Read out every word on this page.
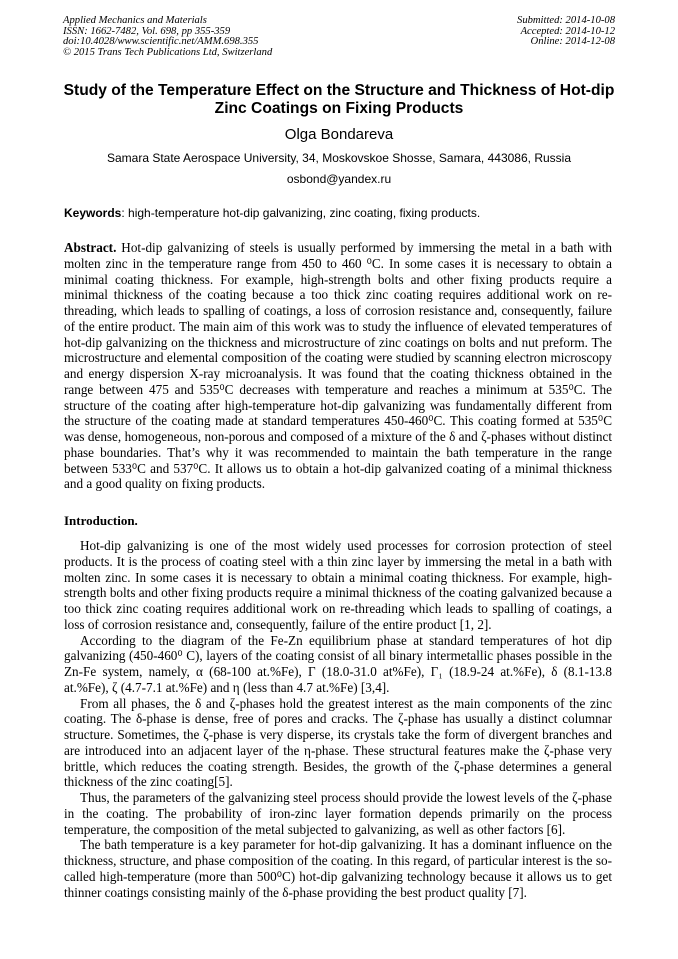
Applied Mechanics and Materials
ISSN: 1662-7482, Vol. 698, pp 355-359
doi:10.4028/www.scientific.net/AMM.698.355
© 2015 Trans Tech Publications Ltd, Switzerland
Submitted: 2014-10-08
Accepted: 2014-10-12
Online: 2014-12-08
Study of the Temperature Effect on the Structure and Thickness of Hot-dip Zinc Coatings on Fixing Products
Olga Bondareva
Samara State Aerospace University, 34, Moskovskoe Shosse, Samara, 443086, Russia
osbond@yandex.ru
Keywords: high-temperature hot-dip galvanizing, zinc coating, fixing products.

Abstract. Hot-dip galvanizing of steels is usually performed by immersing the metal in a bath with molten zinc in the temperature range from 450 to 460 ⁰C. In some cases it is necessary to obtain a minimal coating thickness. For example, high-strength bolts and other fixing products require a minimal thickness of the coating because a too thick zinc coating requires additional work on re-threading, which leads to spalling of coatings, a loss of corrosion resistance and, consequently, failure of the entire product. The main aim of this work was to study the influence of elevated temperatures of hot-dip galvanizing on the thickness and microstructure of zinc coatings on bolts and nut preform. The microstructure and elemental composition of the coating were studied by scanning electron microscopy and energy dispersion X-ray microanalysis. It was found that the coating thickness obtained in the range between 475 and 535⁰C decreases with temperature and reaches a minimum at 535⁰C. The structure of the coating after high-temperature hot-dip galvanizing was fundamentally different from the structure of the coating made at standard temperatures 450-460⁰C. This coating formed at 535⁰C was dense, homogeneous, non-porous and composed of a mixture of the δ and ζ-phases without distinct phase boundaries. That’s why it was recommended to maintain the bath temperature in the range between 533⁰C and 537⁰C. It allows us to obtain a hot-dip galvanized coating of a minimal thickness and a good quality on fixing products.

Introduction.

Hot-dip galvanizing is one of the most widely used processes for corrosion protection of steel products. It is the process of coating steel with a thin zinc layer by immersing the metal in a bath with molten zinc. In some cases it is necessary to obtain a minimal coating thickness. For example, high-strength bolts and other fixing products require a minimal thickness of the coating galvanized because a too thick zinc coating requires additional work on re-threading which leads to spalling of coatings, a loss of corrosion resistance and, consequently, failure of the entire product [1, 2].

According to the diagram of the Fe-Zn equilibrium phase at standard temperatures of hot dip galvanizing (450-460⁰ C), layers of the coating consist of all binary intermetallic phases possible in the Zn-Fe system, namely, α (68-100 at.%Fe), Γ (18.0-31.0 at%Fe), Γ₁ (18.9-24 at.%Fe), δ (8.1-13.8 at.%Fe), ζ (4.7-7.1 at.%Fe) and η (less than 4.7 at.%Fe) [3,4].

From all phases, the δ and ζ-phases hold the greatest interest as the main components of the zinc coating. The δ-phase is dense, free of pores and cracks. The ζ-phase has usually a distinct columnar structure. Sometimes, the ζ-phase is very disperse, its crystals take the form of divergent branches and are introduced into an adjacent layer of the η-phase. These structural features make the ζ-phase very brittle, which reduces the coating strength. Besides, the growth of the ζ-phase determines a general thickness of the zinc coating[5].

Thus, the parameters of the galvanizing steel process should provide the lowest levels of the ζ-phase in the coating. The probability of iron-zinc layer formation depends primarily on the process temperature, the composition of the metal subjected to galvanizing, as well as other factors [6].

The bath temperature is a key parameter for hot-dip galvanizing. It has a dominant influence on the thickness, structure, and phase composition of the coating. In this regard, of particular interest is the so-called high-temperature (more than 500⁰C) hot-dip galvanizing technology because it allows us to get thinner coatings consisting mainly of the δ-phase providing the best product quality [7].
